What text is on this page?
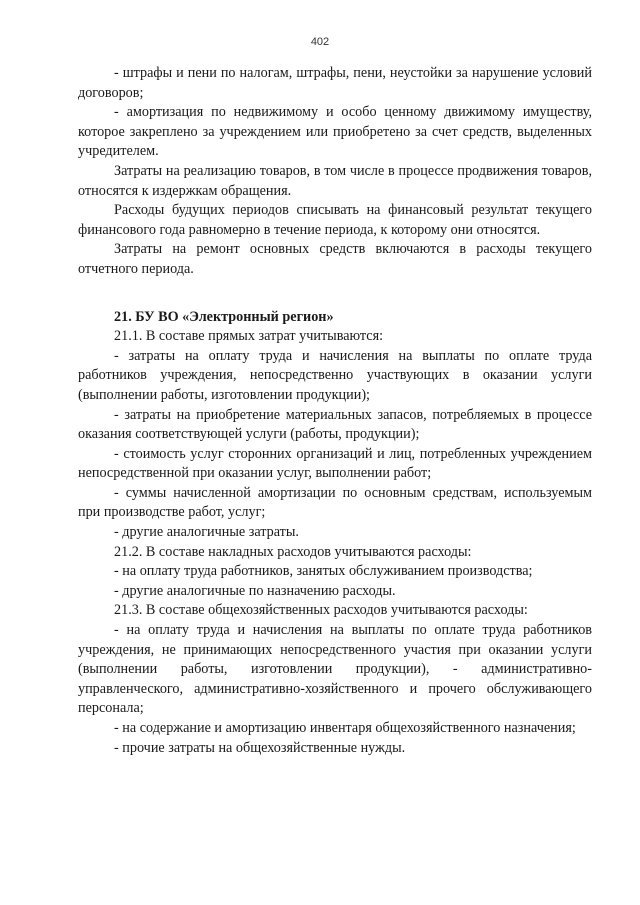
402

- штрафы и пени по налогам, штрафы, пени, неустойки за нарушение условий договоров;

- амортизация по недвижимому и особо ценному движимому имуществу, которое закреплено за учреждением или приобретено за счет средств, выделенных учредителем.

Затраты на реализацию товаров, в том числе в процессе продвижения товаров, относятся к издержкам обращения.

Расходы будущих периодов списывать на финансовый результат текущего финансового года равномерно в течение периода, к которому они относятся.

Затраты на ремонт основных средств включаются в расходы текущего отчетного периода.

21. БУ ВО «Электронный регион»

21.1. В составе прямых затрат учитываются:

- затраты на оплату труда и начисления на выплаты по оплате труда работников учреждения, непосредственно участвующих в оказании услуги (выполнении работы, изготовлении продукции);

- затраты на приобретение материальных запасов, потребляемых в процессе оказания соответствующей услуги (работы, продукции);

- стоимость услуг сторонних организаций и лиц, потребленных учреждением непосредственной при оказании услуг, выполнении работ;

- суммы начисленной амортизации по основным средствам, используемым при производстве работ, услуг;

- другие аналогичные затраты.

21.2. В составе накладных расходов учитываются расходы:

- на оплату труда работников, занятых обслуживанием производства;

- другие аналогичные по назначению расходы.

21.3. В составе общехозяйственных расходов учитываются расходы:

- на оплату труда и начисления на выплаты по оплате труда работников учреждения, не принимающих непосредственного участия при оказании услуги (выполнении работы, изготовлении продукции), - административно-управленческого, административно-хозяйственного и прочего обслуживающего персонала;

- на содержание и амортизацию инвентаря общехозяйственного назначения;

- прочие затраты на общехозяйственные нужды.
